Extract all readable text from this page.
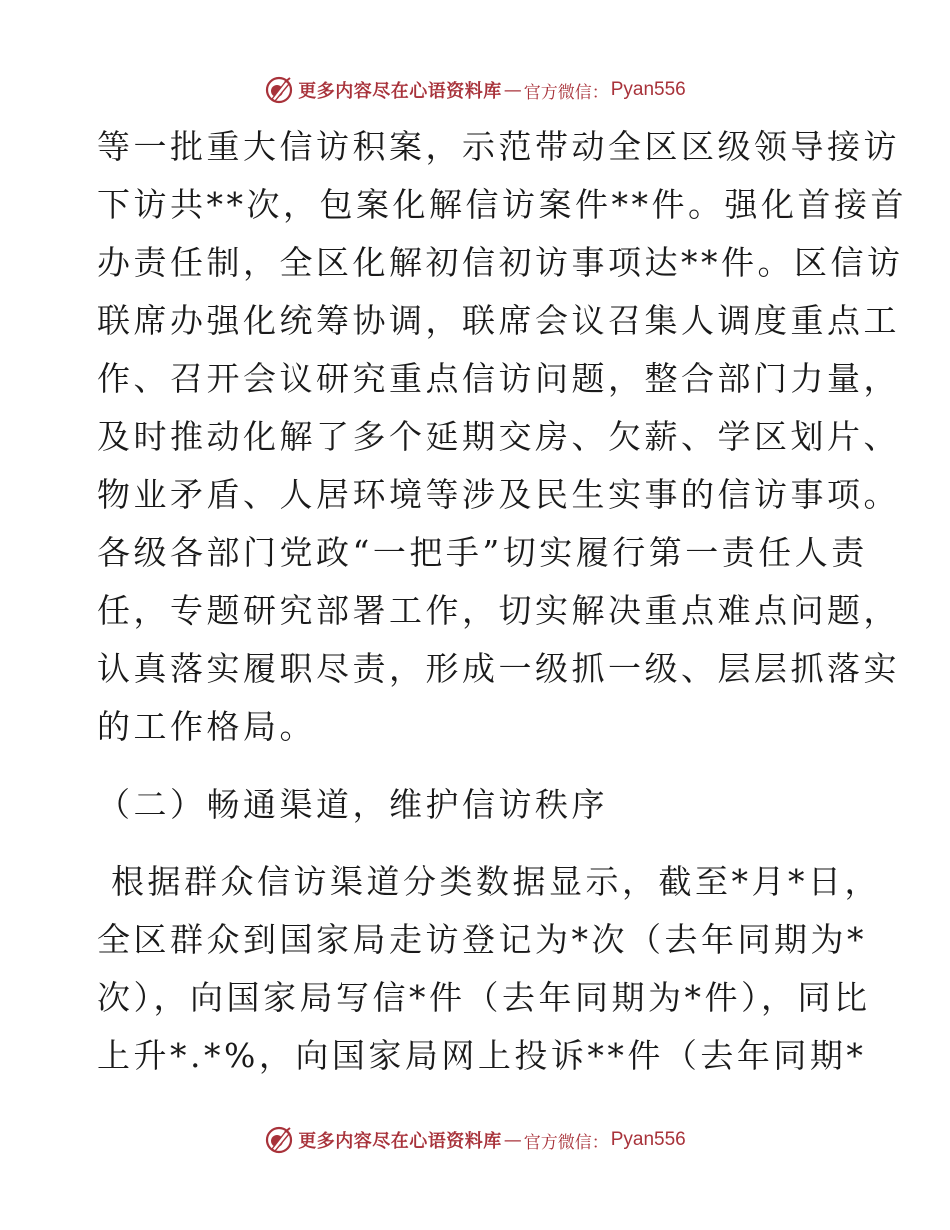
更多内容尽在心语资料库 — 官方微信： Pyan556
等一批重大信访积案，示范带动全区区级领导接访
下访共**次，包案化解信访案件**件。强化首接首
办责任制，全区化解初信初访事项达**件。区信访
联席办强化统筹协调，联席会议召集人调度重点工
作、召开会议研究重点信访问题，整合部门力量，
及时推动化解了多个延期交房、欠薪、学区划片、
物业矛盾、人居环境等涉及民生实事的信访事项。
各级各部门党政“一把手”切实履行第一责任人责
任，专题研究部署工作，切实解决重点难点问题，
认真落实履职尽责，形成一级抓一级、层层抓落实
的工作格局。
（二）畅通渠道，维护信访秩序
根据群众信访渠道分类数据显示，截至*月*日，
全区群众到国家局走访登记为*次（去年同期为*
次），向国家局写信*件（去年同期为*件），同比
上升*.*%，向国家局网上投诉**件（去年同期*
更多内容尽在心语资料库 — 官方微信： Pyan556
